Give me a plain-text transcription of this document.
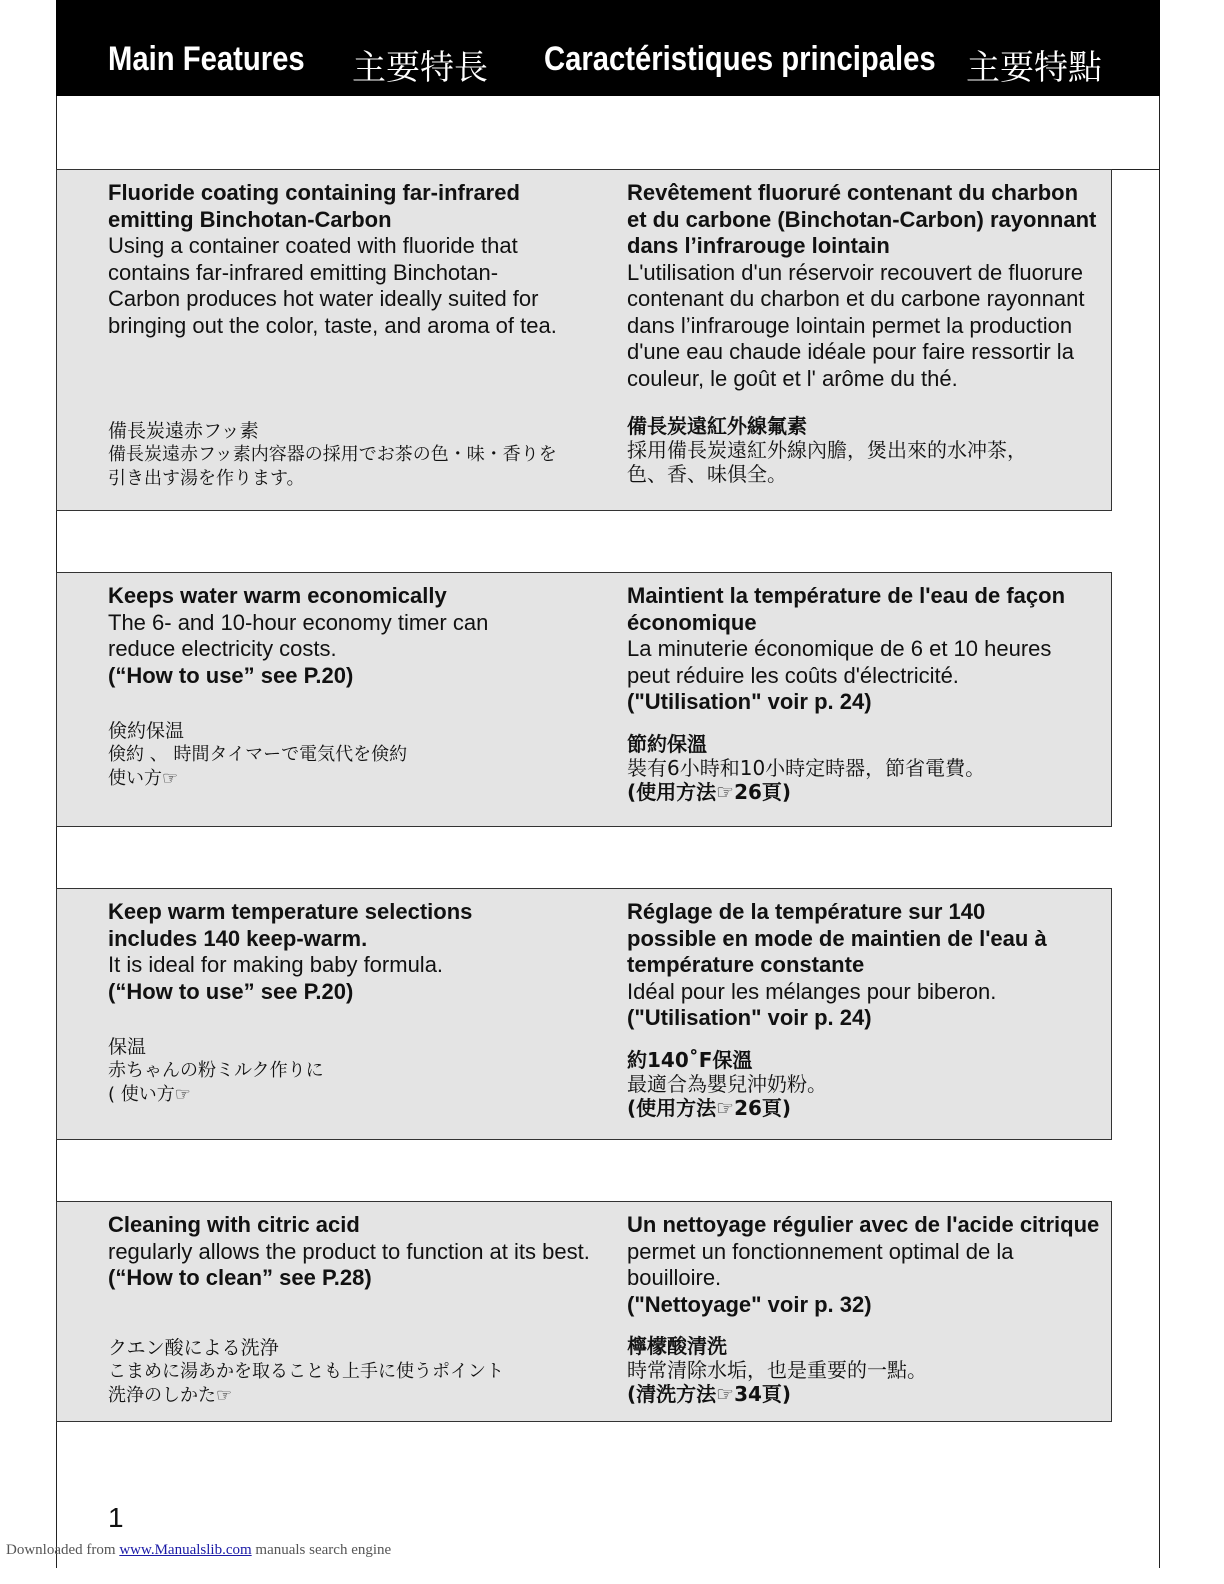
Main Features 主要特長 Caractéristiques principales 主要特點
Fluoride coating containing far-infrared
emitting Binchotan-Carbon
Using a container coated with fluoride that
contains far-infrared emitting Binchotan-
Carbon produces hot water ideally suited for
bringing out the color, taste, and aroma of tea.
備長炭遠赤フッ素
備長炭遠赤フッ素内容器の採用でお茶の色・味・香りを
引き出す湯を作ります。
Revêtement fluoruré contenant du charbon
et du carbone (Binchotan-Carbon) rayonnant
dans l’infrarouge lointain
L'utilisation d'un réservoir recouvert de fluorure
contenant du charbon et du carbone rayonnant
dans l’infrarouge lointain permet la production
d'une eau chaude idéale pour faire ressortir la
couleur, le goût et l' arôme du thé.
備長炭遠紅外線氟素
採用備長炭遠紅外線內膽，煲出來的水冲茶，
色、香、味俱全。
Keeps water warm economically
The 6- and 10-hour economy timer can
reduce electricity costs.
(“How to use” see P.20)
倹約保温
倹約 、 時間タイマーで電気代を倹約
使い方☞
Maintient la température de l'eau de façon
économique
La minuterie économique de 6 et 10 heures
peut réduire les coûts d'électricité.
("Utilisation" voir p. 24)
節約保溫
裝有6小時和10小時定時器，節省電費。
(使用方法☞26頁)
Keep warm temperature selections
includes 140 keep-warm.
It is ideal for making baby formula.
(“How to use” see P.20)
保温
赤ちゃんの粉ミルク作りに
( 使い方☞
Réglage de la température sur 140
possible en mode de maintien de l'eau à
température constante
Idéal pour les mélanges pour biberon.
("Utilisation" voir p. 24)
約140˚F保溫
最適合為嬰兒沖奶粉。
(使用方法☞26頁)
Cleaning with citric acid
regularly allows the product to function at its best.
(“How to clean” see P.28)
クエン酸による洗浄
こまめに湯あかを取ることも上手に使うポイント
洗浄のしかた☞
Un nettoyage régulier avec de l'acide citrique
permet un fonctionnement optimal de la
bouilloire.
("Nettoyage" voir p. 32)
檸檬酸清洗
時常清除水垢，也是重要的一點。
(清洗方法☞34頁)
1
Downloaded from www.Manualslib.com manuals search engine
